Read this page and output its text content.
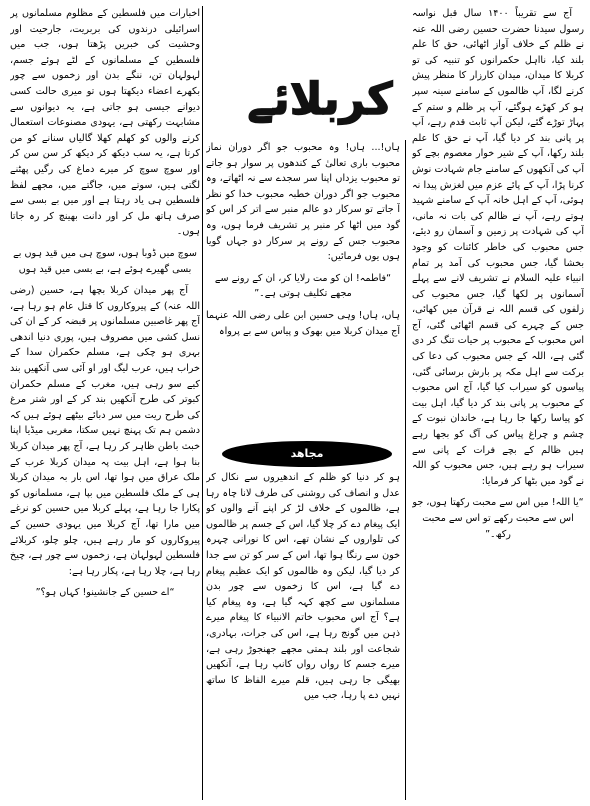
کربلائے

آج سے تقریباً ۱۴۰۰ سال قبل نواسہ رسول سیدنا حضرت حسین رضی اللہ عنہ نے ظلم کے خلاف آواز اٹھائی، حق کا علم بلند کیا، نااہل حکمرانوں کو تنبیہ کی تو کربلا کا میدان، میدان کارزار کا منظر پیش کرنے لگا، آپ ظالموں کے سامنے سینہ سپر ہو کر کھڑے ہوگئے، آپ پر ظلم و ستم کے پہاڑ توڑے گئے، لیکن آپ ثابت قدم رہے، آپ پر پانی بند کر دیا گیا، آپ نے حق کا علم بلند رکھا، آپ کے شیر خوار معصوم بچے کو آپ کی آنکھوں کے سامنے جام شہادت نوش کرنا پڑا، آپ کے پائے عزم میں لغزش پیدا نہ ہوئی، آپ کے اہل خانہ آپ کے سامنے شہید ہوتے رہے، آپ نے ظالم کی بات نہ مانی، آپ کی شہادت پر زمین و آسمان رو دیئے، جس محبوب کی خاطر کائنات کو وجود بخشا گیا، جس محبوب کی آمد پر تمام انبیاء علیہ السلام نے تشریف لانے سے پہلے آسمانوں پر لکھا گیا، جس محبوب کی زلفوں کی قسم اللہ نے قرآن میں کھائی، جس کے چہرے کی قسم اٹھائی گئی، آج اس محبوب کے محبوب پر حیات تنگ کر دی گئی ہے، اللہ کے جس محبوب کی دعا کی برکت سے اہل مکہ پر بارش برسائی گئی، پیاسوں کو سیراب کیا گیا، آج اس محبوب کے محبوب پر پانی بند کر دیا گیا، اہل بیت کو پیاسا رکھا جا رہا ہے، خاندان نبوت کے چشم و چراغ پیاس کی آگ کو بجھا رہے ہیں ظالم کے بچے فرات کے پانی سے سیراب ہو رہے ہیں، جس محبوب کو اللہ نے گود میں بٹھا کر فرمایا:

“یا اللہ! میں اس سے محبت رکھتا ہوں، جو اس سے محبت رکھے تو اس سے محبت رکھ۔”

ہاں!... ہاں! وہ محبوب جو اگر دوران نماز محبوب باری تعالیٰ کے کندھوں پر سوار ہو جاتے تو محبوب یزداں اپنا سر سجدے سے نہ اٹھاتے، وہ محبوب جو اگر دوران خطبہ محبوب خدا کو نظر آ جاتے تو سرکار دو عالم منبر سے اتر کر اس کو گود میں اٹھا کر منبر پر تشریف فرما ہوں، وہ محبوب جس کے رونے پر سرکار دو جہاں گویا ہوں یوں فرمائیں:

“فاطمہ! ان کو مت رلایا کر، ان کے رونے سے مجھے تکلیف ہوتی ہے۔”

ہاں، ہاں! وہی حسین ابن علی رضی اللہ عنہما آج میدان کربلا میں بھوک و پیاس سے بے پرواہ

مجاھد

ہو کر دنیا کو ظلم کے اندھیروں سے نکال کر عدل و انصاف کی روشنی کی طرف لانا چاہ رہا ہے، ظالموں کے خلاف لڑ کر اپنے آنے والوں کو ایک پیغام دے کر چلا گیا، اس کے جسم پر ظالموں کی تلواروں کے نشان تھے، اس کا نورانی چہرہ خون سے رنگا ہوا تھا، اس کے سر کو تن سے جدا کر دیا گیا، لیکن وہ ظالموں کو ایک عظیم پیغام دے گیا ہے، اس کا زخموں سے چور بدن مسلمانوں سے کچھ کہہ گیا ہے، وہ پیغام کیا ہے؟ آج اس محبوب خاتم الانبیاء کا پیغام میرے ذہن میں گونج رہا ہے، اس کی جرات، بہادری، شجاعت اور بلند ہمتی مجھے جھنجوڑ رہی ہے، میرے جسم کا رواں رواں کانپ رہا ہے، آنکھیں بھیگی جا رہی ہیں، قلم میرے الفاظ کا ساتھ نہیں دے پا رہا، جب میں

اخبارات میں فلسطین کے مظلوم مسلمانوں پر اسرائیلی درندوں کی بربریت، جارحیت اور وحشیت کی خبریں پڑھتا ہوں، جب میں فلسطین کے مسلمانوں کے لٹے ہوئے جسم، لہولہان تن، ننگے بدن اور زخموں سے چور بکھرے اعضاء دیکھتا ہوں تو میری حالت کسی دیوانے جیسی ہو جاتی ہے، یہ دیوانوں سے مشابہت رکھتی ہے، یہودی مصنوعات استعمال کرنے والوں کو کھلم کھلا گالیاں سنانے کو من کرتا ہے، یہ سب دیکھ کر دیکھ کر سن سن کر اور سوچ سوچ کر میرے دماغ کی رگیں پھٹنے لگتی ہیں، سوتے میں، جاگتے میں، مجھے لفظ فلسطین ہی یاد رہتا ہے اور میں بے بسی سے صرف ہاتھ مل کر اور دانت بھینچ کر رہ جاتا ہوں۔

سوچ میں ڈوبا ہوں، سوچ ہی میں قید ہوں بے بسی گھیرے ہوئے ہے، بے بسی میں قید ہوں

آج پھر میدان کربلا بچھا ہے، حسین (رضی اللہ عنہ) کے پیروکاروں کا قتل عام ہو رہا ہے، آج پھر غاصبین مسلمانوں پر قبضہ کر کے ان کی نسل کشی میں مصروف ہیں، پوری دنیا اندھی بہری ہو چکی ہے، مسلم حکمران سدا کے خراب ہیں، عرب لیگ اور او آئی سی آنکھیں بند کیے سو رہی ہیں، مغرب کے مسلم حکمران کبوتر کی طرح آنکھیں بند کر کے اور شتر مرغ کی طرح ریت میں سر دبائے بیٹھے ہوئے ہیں کہ دشمن ہم تک پہنچ نہیں سکتا، مغربی میڈیا اپنا خبث باطن ظاہر کر رہا ہے، آج پھر میدان کربلا بنا ہوا ہے، اہل بیت پہ میدان کربلا عرب کے ملک عراق میں ہوا تھا، اس بار بہ میدان کربلا ہی کے ملک فلسطین میں بپا ہے، مسلمانوں کو پکارا جا رہا ہے، پہلے کربلا میں حسین کو نرغے میں مارا تھا، آج کربلا میں یہودی حسین کے پیروکاروں کو مار رہے ہیں، چلو چلو، کربلائے فلسطین لہولہان ہے، زخموں سے چور ہے، چیخ رہا ہے، چلا رہا ہے، پکار رہا ہے:

“اے حسین کے جانشینو! کہاں ہو؟”
